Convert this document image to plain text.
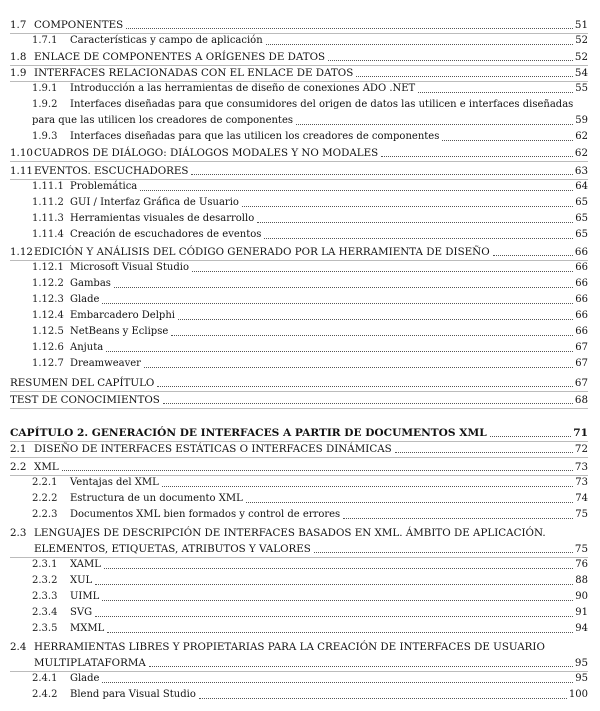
1.7 COMPONENTES	51
1.7.1	Características y campo de aplicación	52
1.8 ENLACE DE COMPONENTES A ORÍGENES DE DATOS	52
1.9 INTERFACES RELACIONADAS CON EL ENLACE DE DATOS	54
1.9.1	Introducción a las herramientas de diseño de conexiones ADO .NET	55
1.9.2	Interfaces diseñadas para que consumidores del origen de datos las utilicen e interfaces diseñadas
para que las utilicen los creadores de componentes	59
1.9.3	Interfaces diseñadas para que las utilicen los creadores de componentes	62
1.10 CUADROS DE DIÁLOGO: DIÁLOGOS MODALES Y NO MODALES	62
1.11 EVENTOS. ESCUCHADORES	63
1.11.1 Problemática	64
1.11.2 GUI / Interfaz Gráfica de Usuario	65
1.11.3 Herramientas visuales de desarrollo	65
1.11.4 Creación de escuchadores de eventos	65
1.12 EDICIÓN Y ANÁLISIS DEL CÓDIGO GENERADO POR LA HERRAMIENTA DE DISEÑO	66
1.12.1 Microsoft Visual Studio	66
1.12.2 Gambas	66
1.12.3 Glade	66
1.12.4 Embarcadero Delphi	66
1.12.5 NetBeans y Eclipse	66
1.12.6 Anjuta	67
1.12.7 Dreamweaver	67
RESUMEN DEL CAPÍTULO	67
TEST DE CONOCIMIENTOS	68
CAPÍTULO 2. GENERACIÓN DE INTERFACES A PARTIR DE DOCUMENTOS XML	71
2.1 DISEÑO DE INTERFACES ESTÁTICAS O INTERFACES DINÁMICAS	72
2.2 XML	73
2.2.1	Ventajas del XML	73
2.2.2	Estructura de un documento XML	74
2.2.3	Documentos XML bien formados y control de errores	75
2.3 LENGUAJES DE DESCRIPCIÓN DE INTERFACES BASADOS EN XML. ÁMBITO DE APLICACIÓN.
ELEMENTOS, ETIQUETAS, ATRIBUTOS Y VALORES	75
2.3.1	XAML	76
2.3.2	XUL	88
2.3.3	UIML	90
2.3.4	SVG	91
2.3.5	MXML	94
2.4 HERRAMIENTAS LIBRES Y PROPIETARIAS PARA LA CREACIÓN DE INTERFACES DE USUARIO
MULTIPLATAFORMA	95
2.4.1	Glade	95
2.4.2	Blend para Visual Studio	100
